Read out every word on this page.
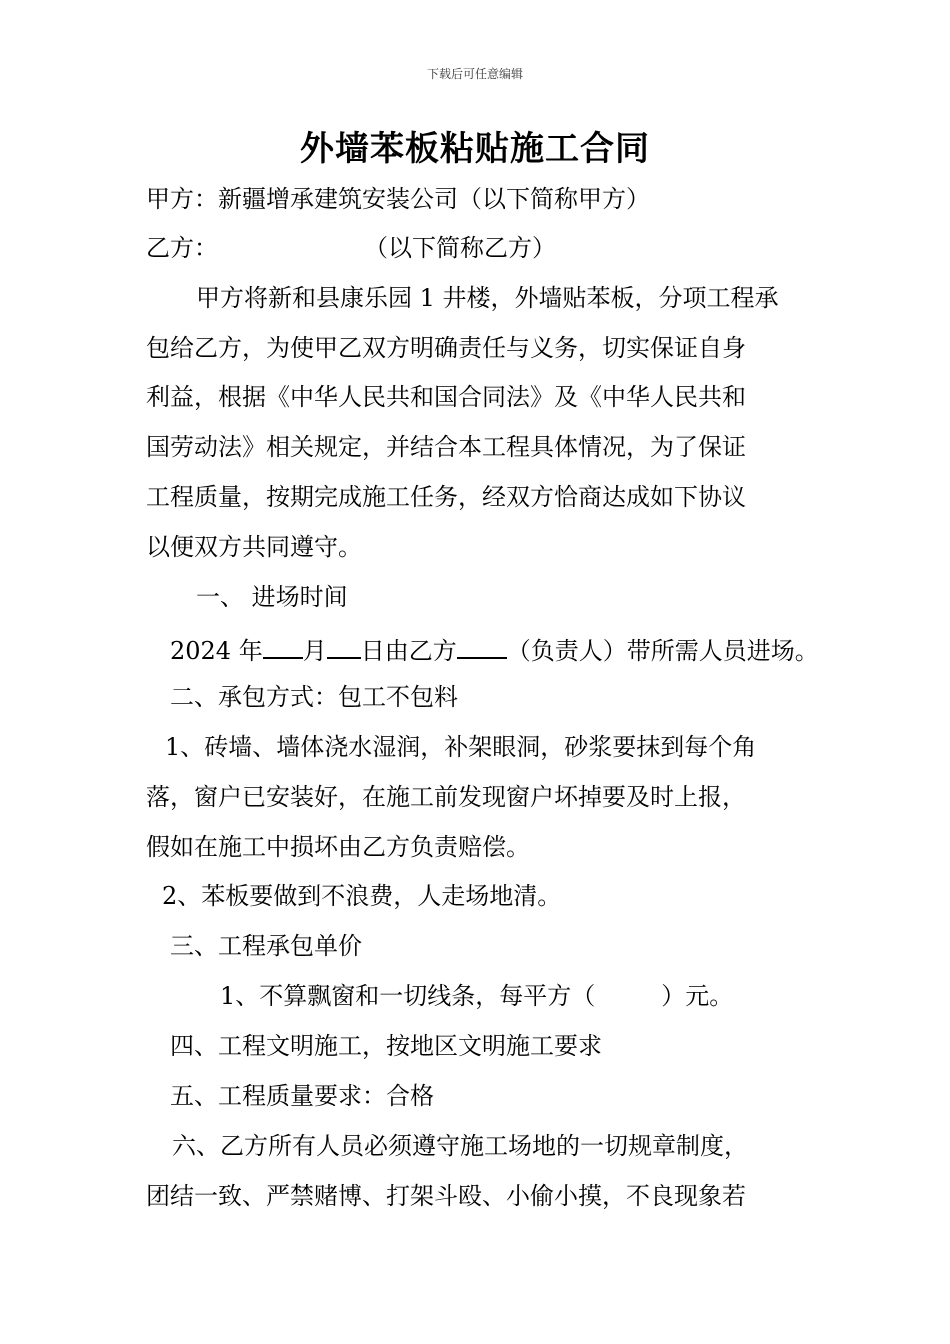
下载后可任意编辑
外墙苯板粘贴施工合同
甲方：新疆增承建筑安装公司（以下简称甲方）
乙方：	（以下简称乙方）
甲方将新和县康乐园 1 井楼，外墙贴苯板，分项工程承
包给乙方，为使甲乙双方明确责任与义务，切实保证自身
利益，根据《中华人民共和国合同法》及《中华人民共和
国劳动法》相关规定，并结合本工程具体情况，为了保证
工程质量，按期完成施工任务，经双方恰商达成如下协议
以便双方共同遵守。
一、 进场时间
2024 年 月 日由乙方 （负责人）带所需人员进场。
二、承包方式：包工不包料
1、砖墙、墙体浇水湿润，补架眼洞，砂浆要抹到每个角
落，窗户已安装好，在施工前发现窗户坏掉要及时上报，
假如在施工中损坏由乙方负责赔偿。
2、苯板要做到不浪费，人走场地清。
三、工程承包单价
1、不算飘窗和一切线条，每平方（	）元。
四、工程文明施工，按地区文明施工要求
五、工程质量要求：合格
六、乙方所有人员必须遵守施工场地的一切规章制度，
团结一致、严禁赌博、打架斗殴、小偷小摸，不良现象若
